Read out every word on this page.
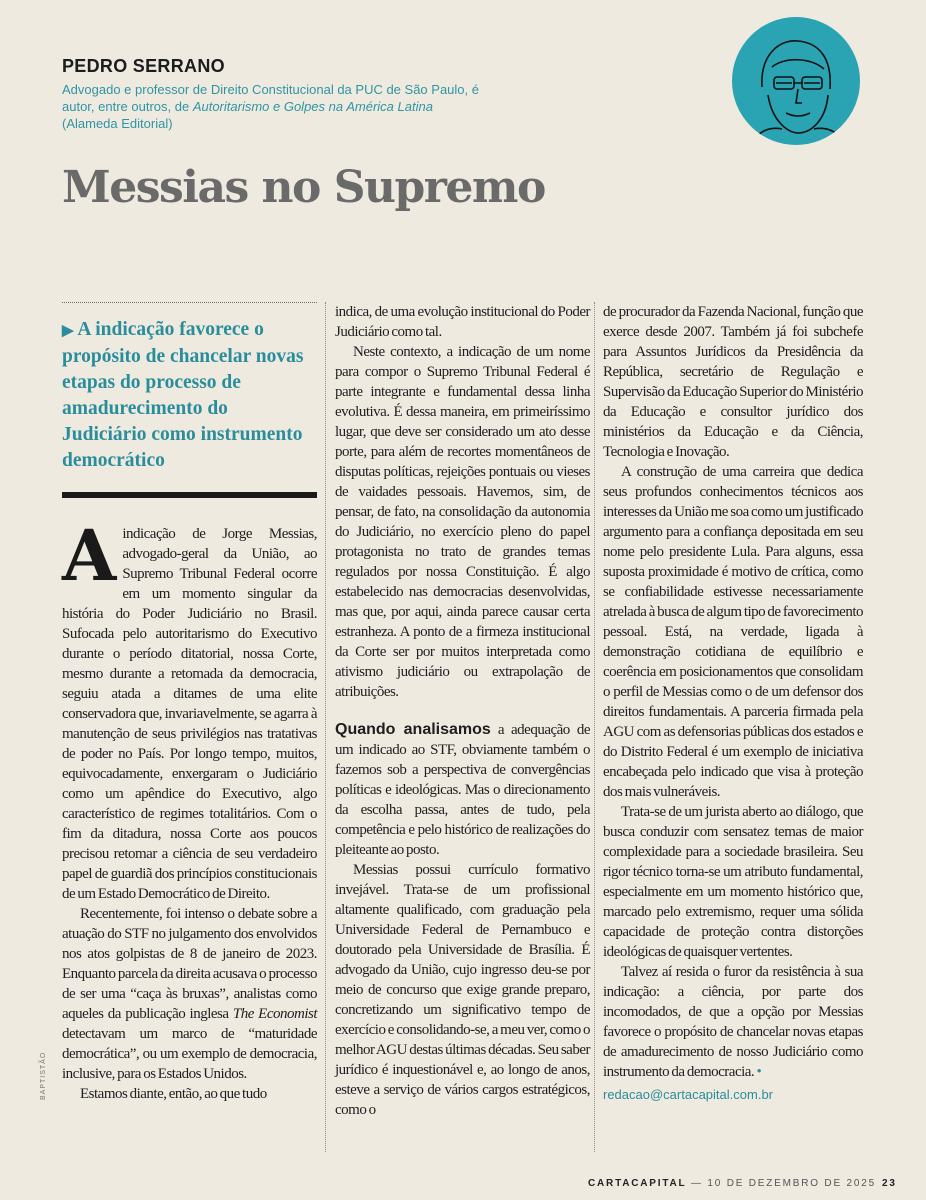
PEDRO SERRANO
Advogado e professor de Direito Constitucional da PUC de São Paulo, é autor, entre outros, de Autoritarismo e Golpes na América Latina (Alameda Editorial)
Messias no Supremo
▶ A indicação favorece o propósito de chancelar novas etapas do processo de amadurecimento do Judiciário como instrumento democrático

Aindicação de Jorge Messias, advogado-geral da União, ao Supremo Tribunal Federal ocorre em um momento singular da história do Poder Judiciário no Brasil. Sufocada pelo autoritarismo do Executivo durante o período ditatorial, nossa Corte, mesmo durante a retomada da democracia, seguiu atada a ditames de uma elite conservadora que, invariavelmente, se agarra à manutenção de seus privilégios nas tratativas de poder no País. Por longo tempo, muitos, equivocadamente, enxergaram o Judiciário como um apêndice do Executivo, algo característico de regimes totalitários. Com o fim da ditadura, nossa Corte aos poucos precisou retomar a ciência de seu verdadeiro papel de guardiã dos princípios constitucionais de um Estado Democrático de Direito.

Recentemente, foi intenso o debate sobre a atuação do STF no julgamento dos envolvidos nos atos golpistas de 8 de janeiro de 2023. Enquanto parcela da direita acusava o processo de ser uma “caça às bruxas”, analistas como aqueles da publicação inglesa The Economist detectavam um marco de “maturidade democrática”, ou um exemplo de democracia, inclusive, para os Estados Unidos.

Estamos diante, então, ao que tudo

indica, de uma evolução institucional do Poder Judiciário como tal.

Neste contexto, a indicação de um nome para compor o Supremo Tribunal Federal é parte integrante e fundamental dessa linha evolutiva. É dessa maneira, em primeiríssimo lugar, que deve ser considerado um ato desse porte, para além de recortes momentâneos de disputas políticas, rejeições pontuais ou vieses de vaidades pessoais. Havemos, sim, de pensar, de fato, na consolidação da autonomia do Judiciário, no exercício pleno do papel protagonista no trato de grandes temas regulados por nossa Constituição. É algo estabelecido nas democracias desenvolvidas, mas que, por aqui, ainda parece causar certa estranheza. A ponto de a firmeza institucional da Corte ser por muitos interpretada como ativismo judiciário ou extrapolação de atribuições.

Quando analisamos a adequação de um indicado ao STF, obviamente também o fazemos sob a perspectiva de convergências políticas e ideológicas. Mas o direcionamento da escolha passa, antes de tudo, pela competência e pelo histórico de realizações do pleiteante ao posto.

Messias possui currículo formativo invejável. Trata-se de um profissional altamente qualificado, com graduação pela Universidade Federal de Pernambuco e doutorado pela Universidade de Brasília. É advogado da União, cujo ingresso deu-se por meio de concurso que exige grande preparo, concretizando um significativo tempo de exercício e consolidando-se, a meu ver, como o melhor AGU destas últimas décadas. Seu saber jurídico é inquestionável e, ao longo de anos, esteve a serviço de vários cargos estratégicos, como o

de procurador da Fazenda Nacional, função que exerce desde 2007. Também já foi subchefe para Assuntos Jurídicos da Presidência da República, secretário de Regulação e Supervisão da Educação Superior do Ministério da Educação e consultor jurídico dos ministérios da Educação e da Ciência, Tecnologia e Inovação.

A construção de uma carreira que dedica seus profundos conhecimentos técnicos aos interesses da União me soa como um justificado argumento para a confiança depositada em seu nome pelo presidente Lula. Para alguns, essa suposta proximidade é motivo de crítica, como se confiabilidade estivesse necessariamente atrelada à busca de algum tipo de favorecimento pessoal. Está, na verdade, ligada à demonstração cotidiana de equilíbrio e coerência em posicionamentos que consolidam o perfil de Messias como o de um defensor dos direitos fundamentais. A parceria firmada pela AGU com as defensorias públicas dos estados e do Distrito Federal é um exemplo de iniciativa encabeçada pelo indicado que visa à proteção dos mais vulneráveis.

Trata-se de um jurista aberto ao diálogo, que busca conduzir com sensatez temas de maior complexidade para a sociedade brasileira. Seu rigor técnico torna-se um atributo fundamental, especialmente em um momento histórico que, marcado pelo extremismo, requer uma sólida capacidade de proteção contra distorções ideológicas de quaisquer vertentes.

Talvez aí resida o furor da resistência à sua indicação: a ciência, por parte dos incomodados, de que a opção por Messias favorece o propósito de chancelar novas etapas de amadurecimento de nosso Judiciário como instrumento da democracia. •

redacao@cartacapital.com.br
BAPTISTÃO
CARTACAPITAL — 10 DE DEZEMBRO DE 2025 23
